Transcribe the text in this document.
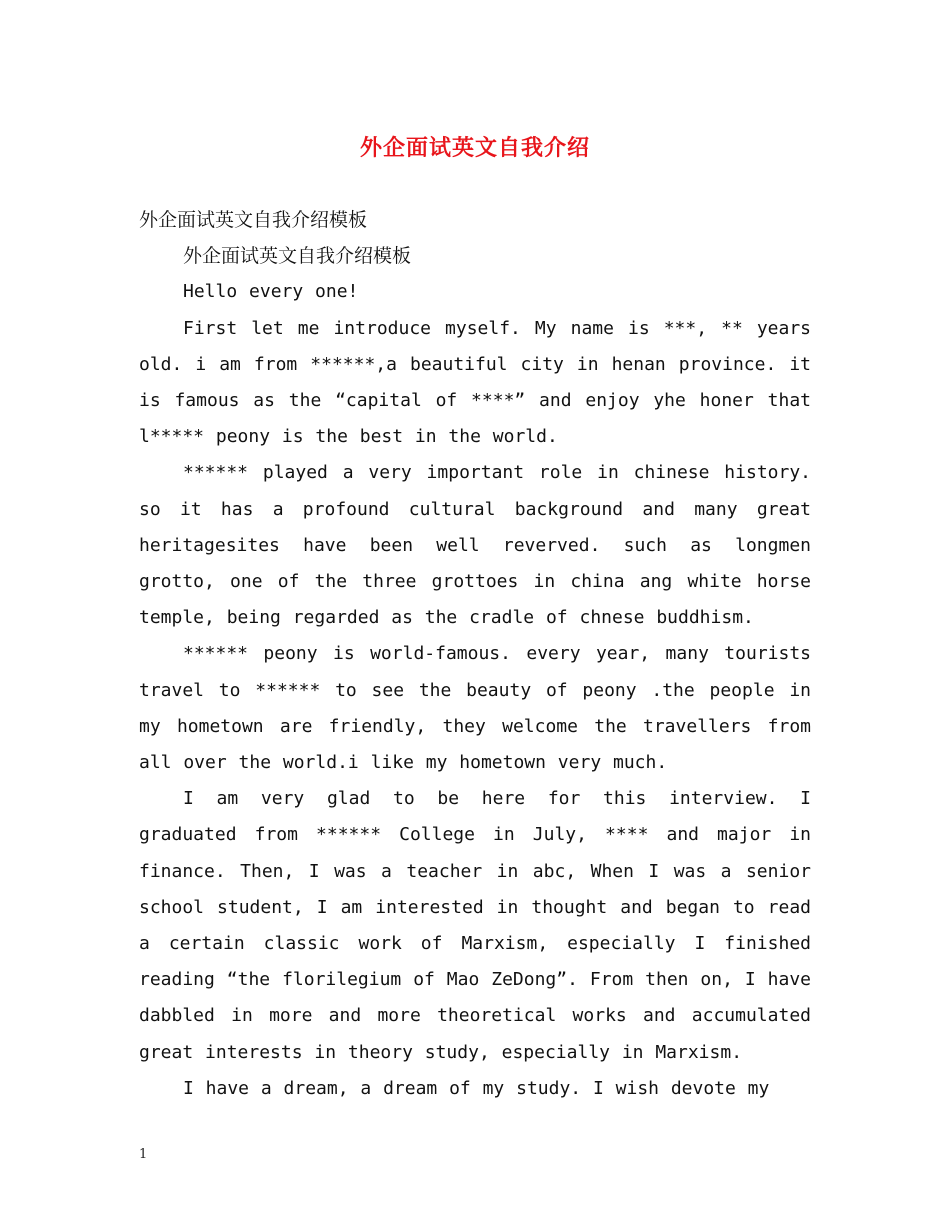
外企面试英文自我介绍

外企面试英文自我介绍模板

外企面试英文自我介绍模板

Hello every one!

First let me introduce myself. My name is ***, ** years old. i am from ******,a beautiful city in henan province. it is famous as the “capital of ****” and enjoy yhe honer that l***** peony is the best in the world.

****** played a very important role in chinese history. so it has a profound cultural background and many great heritagesites have been well reverved. such as longmen grotto, one of the three grottoes in china ang white horse temple, being regarded as the cradle of chnese buddhism.

****** peony is world-famous. every year, many tourists travel to ****** to see the beauty of peony .the people in my hometown are friendly, they welcome the travellers from all over the world.i like my hometown very much.

I am very glad to be here for this interview. I graduated from ****** College in July, **** and major in finance. Then, I was a teacher in abc, When I was a senior school student, I am interested in thought and began to read a certain classic work of Marxism, especially I finished reading “the florilegium of Mao ZeDong”. From then on, I have dabbled in more and more theoretical works and accumulated great interests in theory study, especially in Marxism.

I have a dream, a dream of my study. I wish devote my

1
